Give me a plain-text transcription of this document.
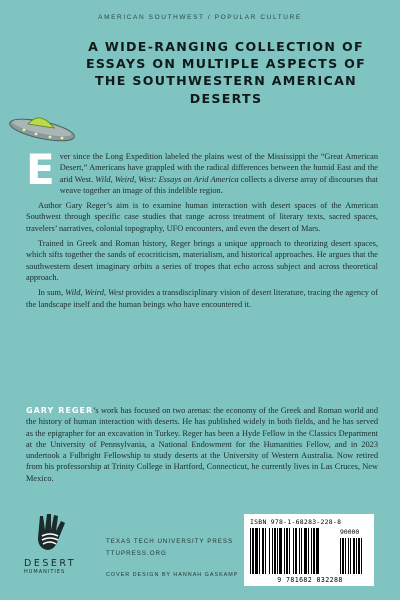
AMERICAN SOUTHWEST / POPULAR CULTURE
A WIDE-RANGING COLLECTION OF ESSAYS ON MULTIPLE ASPECTS OF THE SOUTHWESTERN AMERICAN DESERTS

Ever since the Long Expedition labeled the plains west of the Mississippi the “Great American Desert,” Americans have grappled with the radical differences between the humid East and the arid West. Wild, Weird, West: Essays on Arid America collects a diverse array of discourses that weave together an image of this indelible region.

Author Gary Reger’s aim is to examine human interaction with desert spaces of the American Southwest through specific case studies that range across treatment of literary texts, sacred spaces, travelers’ narratives, colonial topography, UFO encounters, and even the desert of Mars.

Trained in Greek and Roman history, Reger brings a unique approach to theorizing desert spaces, which sifts together the sands of ecocriticism, materialism, and historical approaches. He argues that the southwestern desert imaginary orbits a series of tropes that echo across subject and across theoretical approach.

In sum, Wild, Weird, West provides a transdisciplinary vision of desert literature, tracing the agency of the landscape itself and the human beings who have encountered it.

GARY REGER’s work has focused on two arenas: the economy of the Greek and Roman world and the history of human interaction with deserts. He has published widely in both fields, and he has served as the epigrapher for an excavation in Turkey. Reger has been a Hyde Fellow in the Classics Department at the University of Pennsylvania, a National Endowment for the Humanities Fellow, and in 2023 undertook a Fulbright Fellowship to study deserts at the University of Western Australia. Now retired from his professorship at Trinity College in Hartford, Connecticut, he currently lives in Las Cruces, New Mexico.

DESERT
HUMANITIES
TEXAS TECH UNIVERSITY PRESS
TTUPRESS.ORG
COVER DESIGN BY HANNAH GASKAMP
ISBN 978-1-68283-228-8
90000
9 781682 832288
